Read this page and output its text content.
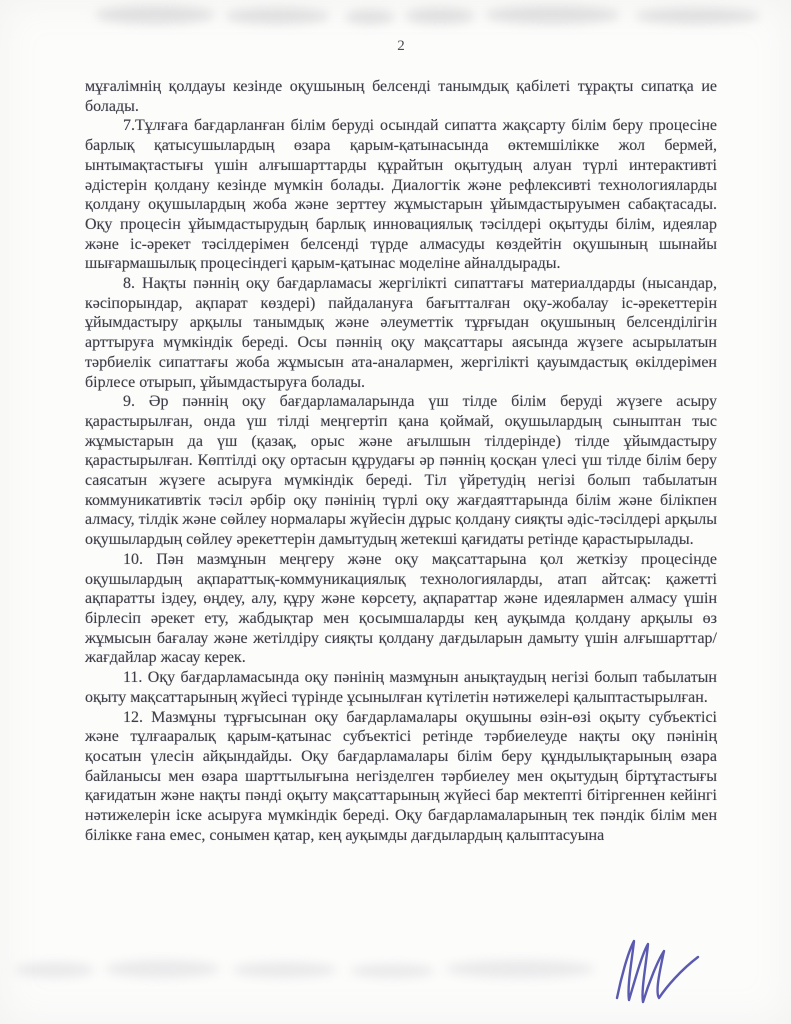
2

мұғалімнің қолдауы кезінде оқушының белсенді танымдық қабілеті тұрақты сипатқа ие болады.

7.Тұлғаға бағдарланған білім беруді осындай сипатта жақсарту білім беру процесіне барлық қатысушылардың өзара қарым-қатынасында өктемшілікке жол бермей, ынтымақтастығы үшін алғышарттарды құрайтын оқытудың алуан түрлі интерактивті әдістерін қолдану кезінде мүмкін болады. Диалогтік және рефлексивті технологияларды қолдану оқушылардың жоба және зерттеу жұмыстарын ұйымдастыруымен сабақтасады. Оқу процесін ұйымдастырудың барлық инновациялық тәсілдері оқытуды білім, идеялар және іс-әрекет тәсілдерімен белсенді түрде алмасуды көздейтін оқушының шынайы шығармашылық процесіндегі қарым-қатынас моделіне айналдырады.

8. Нақты пәннің оқу бағдарламасы жергілікті сипаттағы материалдарды (нысандар, кәсіпорындар, ақпарат көздері) пайдалануға бағытталған оқу-жобалау іс-әрекеттерін ұйымдастыру арқылы танымдық және әлеуметтік тұрғыдан оқушының белсенділігін арттыруға мүмкіндік береді. Осы пәннің оқу мақсаттары аясында жүзеге асырылатын тәрбиелік сипаттағы жоба жұмысын ата-аналармен, жергілікті қауымдастық өкілдерімен бірлесе отырып, ұйымдастыруға болады.

9. Әр пәннің оқу бағдарламаларында үш тілде білім беруді жүзеге асыру қарастырылған, онда үш тілді меңгертіп қана қоймай, оқушылардың сыныптан тыс жұмыстарын да үш (қазақ, орыс және ағылшын тілдерінде) тілде ұйымдастыру қарастырылған. Көптілді оқу ортасын құрудағы әр пәннің қосқан үлесі үш тілде білім беру саясатын жүзеге асыруға мүмкіндік береді. Тіл үйретудің негізі болып табылатын коммуникативтік тәсіл әрбір оқу пәнінің түрлі оқу жағдаяттарында білім және білікпен алмасу, тілдік және сөйлеу нормалары жүйесін дұрыс қолдану сияқты әдіс-тәсілдері арқылы оқушылардың сөйлеу әрекеттерін дамытудың жетекші қағидаты ретінде қарастырылады.

10. Пән мазмұнын меңгеру және оқу мақсаттарына қол жеткізу процесінде оқушылардың ақпараттық-коммуникациялық технологияларды, атап айтсақ: қажетті ақпаратты іздеу, өңдеу, алу, құру және көрсету, ақпараттар және идеялармен алмасу үшін бірлесіп әрекет ету, жабдықтар мен қосымшаларды кең ауқымда қолдану арқылы өз жұмысын бағалау және жетілдіру сияқты қолдану дағдыларын дамыту үшін алғышарттар/жағдайлар жасау керек.

11. Оқу бағдарламасында оқу пәнінің мазмұнын анықтаудың негізі болып табылатын оқыту мақсаттарының жүйесі түрінде ұсынылған күтілетін нәтижелері қалыптастырылған.

12. Мазмұны тұрғысынан оқу бағдарламалары оқушыны өзін-өзі оқыту субъектісі және тұлғааралық қарым-қатынас субъектісі ретінде тәрбиелеуде нақты оқу пәнінің қосатын үлесін айқындайды. Оқу бағдарламалары білім беру құндылықтарының өзара байланысы мен өзара шарттылығына негізделген тәрбиелеу мен оқытудың біртұтастығы қағидатын және нақты пәнді оқыту мақсаттарының жүйесі бар мектепті бітіргеннен кейінгі нәтижелерін іске асыруға мүмкіндік береді. Оқу бағдарламаларының тек пәндік білім мен білікке ғана емес, сонымен қатар, кең ауқымды дағдылардың қалыптасуына
